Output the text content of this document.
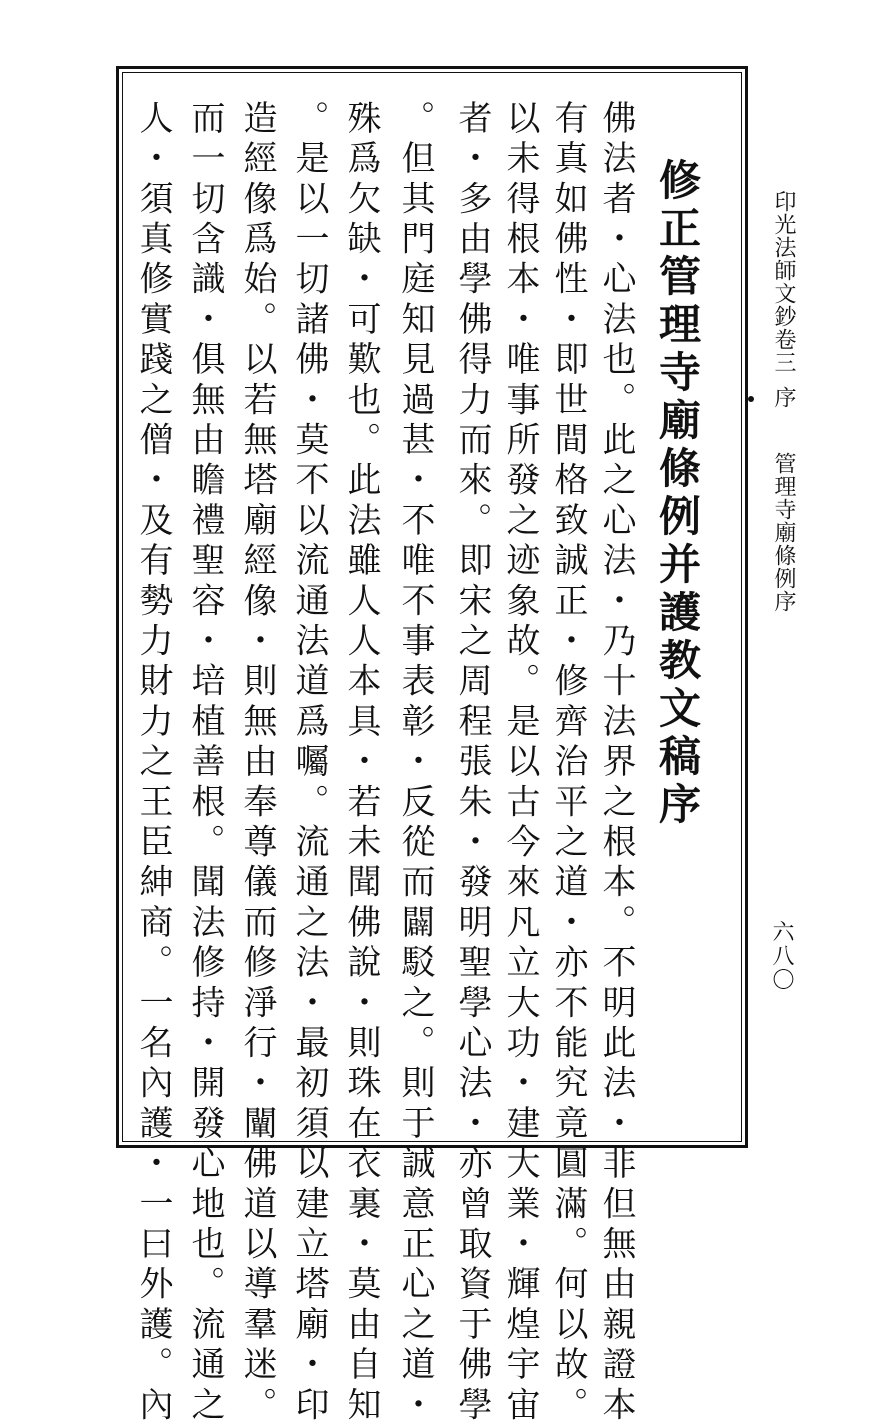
修正管理寺廟條例并護教文稿序
佛法者・心法也。此之心法・乃十法界之根本。不明此法・非但無由親證本
有真如佛性・即世間格致誠正・修齊治平之道・亦不能究竟圓滿。何以故。
以未得根本・唯事所發之迹象故。是以古今來凡立大功・建大業・輝煌宇宙
者・多由學佛得力而來。即宋之周程張朱・發明聖學心法・亦曾取資于佛學
。但其門庭知見過甚・不唯不事表彰・反從而闢駁之。則于誠意正心之道・
殊爲欠缺・可歎也。此法雖人人本具・若未聞佛說・則珠在衣裏・莫由自知
。是以一切諸佛・莫不以流通法道爲囑。流通之法・最初須以建立塔廟・印
造經像爲始。以若無塔廟經像・則無由奉尊儀而修淨行・闡佛道以導羣迷。
而一切含識・俱無由瞻禮聖容・培植善根。聞法修持・開發心地也。流通之
人・須真修實踐之僧・及有勢力財力之王臣紳商。一名內護・一曰外護。內	印光法師文鈔卷三
序
管理寺廟條例序
六八〇
